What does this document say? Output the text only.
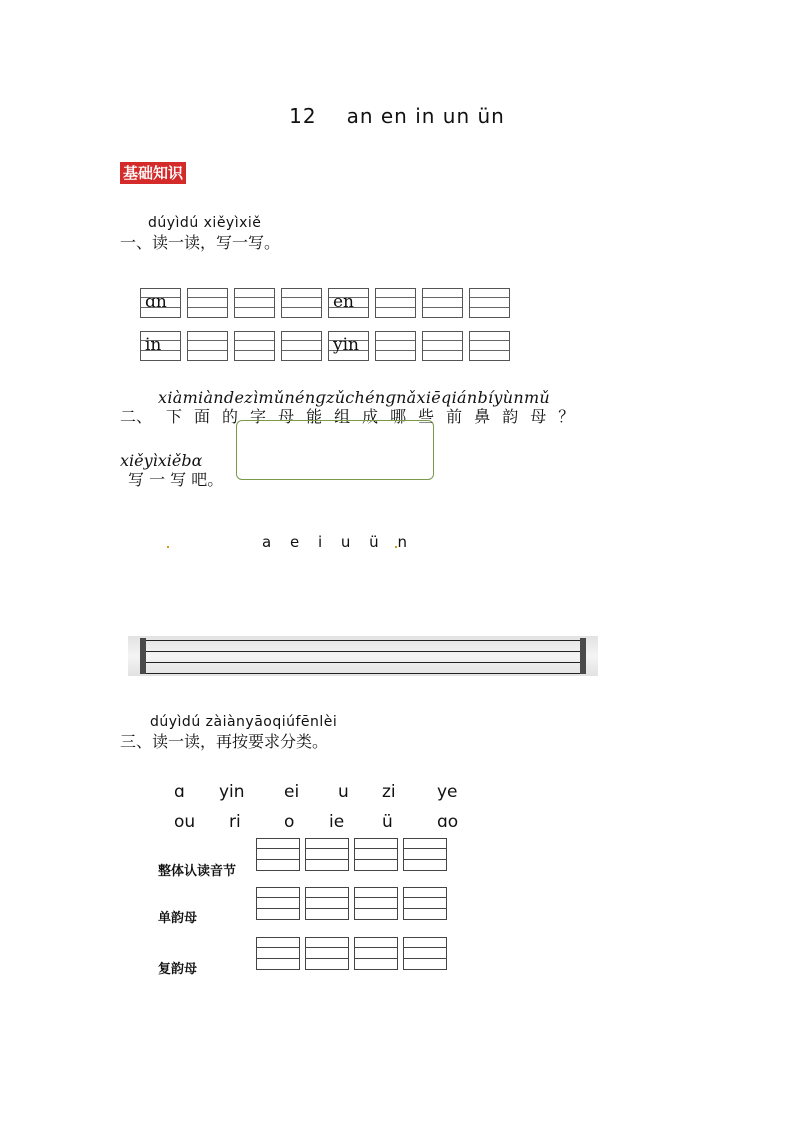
12 an en in un ün
基础知识
dúyìdú xiěyìxiě
一、读一读，写一写。
ɑn	en
in	yin
xiàmiàndezìmǔnénɡzǔchénɡnǎxiēqiánbíyùnmǔ
二、 下 面 的 字 母 能 组 成 哪 些 前 鼻 韵 母 ？
xiěyìxiěbɑ
写 一 写 吧。
a e i u ü n
dúyìdú zàiànyāoqiúfēnlèi
三、读一读，再按要求分类。
ɑ yin ei u zi ye
ou ri	o ie ü	ɑo
整体认读音节
单韵母
复韵母
